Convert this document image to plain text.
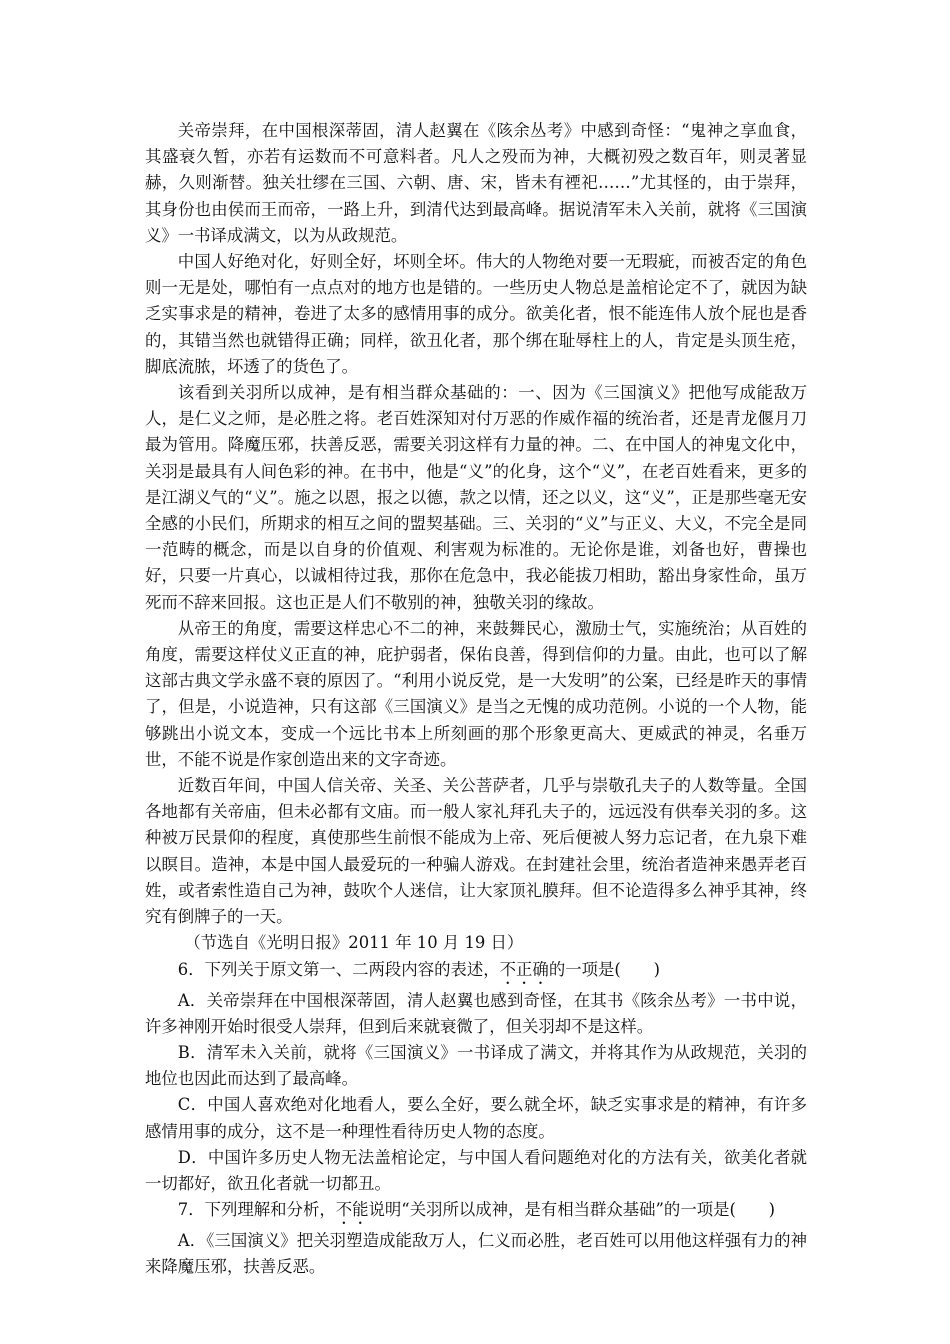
关帝崇拜，在中国根深蒂固，清人赵翼在《陔余丛考》中感到奇怪：“鬼神之享血食，其盛衰久暂，亦若有运数而不可意料者。凡人之殁而为神，大概初殁之数百年，则灵著显赫，久则渐替。独关壮缪在三国、六朝、唐、宋，皆未有禋祀……”尤其怪的，由于崇拜，其身份也由侯而王而帝，一路上升，到清代达到最高峰。据说清军未入关前，就将《三国演义》一书译成满文，以为从政规范。

中国人好绝对化，好则全好，坏则全坏。伟大的人物绝对要一无瑕疵，而被否定的角色则一无是处，哪怕有一点点对的地方也是错的。一些历史人物总是盖棺论定不了，就因为缺乏实事求是的精神，卷进了太多的感情用事的成分。欲美化者，恨不能连伟人放个屁也是香的，其错当然也就错得正确；同样，欲丑化者，那个绑在耻辱柱上的人，肯定是头顶生疮，脚底流脓，坏透了的货色了。

该看到关羽所以成神，是有相当群众基础的：一、因为《三国演义》把他写成能敌万人，是仁义之师，是必胜之将。老百姓深知对付万恶的作威作福的统治者，还是青龙偃月刀最为管用。降魔压邪，扶善反恶，需要关羽这样有力量的神。二、在中国人的神鬼文化中，关羽是最具有人间色彩的神。在书中，他是“义”的化身，这个“义”，在老百姓看来，更多的是江湖义气的“义”。施之以恩，报之以德，款之以情，还之以义，这“义”，正是那些毫无安全感的小民们，所期求的相互之间的盟契基础。三、关羽的“义”与正义、大义，不完全是同一范畴的概念，而是以自身的价值观、利害观为标准的。无论你是谁，刘备也好，曹操也好，只要一片真心，以诚相待过我，那你在危急中，我必能拔刀相助，豁出身家性命，虽万死而不辞来回报。这也正是人们不敬别的神，独敬关羽的缘故。

从帝王的角度，需要这样忠心不二的神，来鼓舞民心，激励士气，实施统治；从百姓的角度，需要这样仗义正直的神，庇护弱者，保佑良善，得到信仰的力量。由此，也可以了解这部古典文学永盛不衰的原因了。“利用小说反党，是一大发明”的公案，已经是昨天的事情了，但是，小说造神，只有这部《三国演义》是当之无愧的成功范例。小说的一个人物，能够跳出小说文本，变成一个远比书本上所刻画的那个形象更高大、更威武的神灵，名垂万世，不能不说是作家创造出来的文字奇迹。

近数百年间，中国人信关帝、关圣、关公菩萨者，几乎与崇敬孔夫子的人数等量。全国各地都有关帝庙，但未必都有文庙。而一般人家礼拜孔夫子的，远远没有供奉关羽的多。这种被万民景仰的程度，真使那些生前恨不能成为上帝、死后便被人努力忘记者，在九泉下难以瞑目。造神，本是中国人最爱玩的一种骗人游戏。在封建社会里，统治者造神来愚弄老百姓，或者索性造自己为神，鼓吹个人迷信，让大家顶礼膜拜。但不论造得多么神乎其神，终究有倒牌子的一天。

（节选自《光明日报》2011 年 10 月 19 日）

6．下列关于原文第一、二两段内容的表述，不正确的一项是(　　)

A．关帝崇拜在中国根深蒂固，清人赵翼也感到奇怪，在其书《陔余丛考》一书中说，许多神刚开始时很受人崇拜，但到后来就衰微了，但关羽却不是这样。

B．清军未入关前，就将《三国演义》一书译成了满文，并将其作为从政规范，关羽的地位也因此而达到了最高峰。

C．中国人喜欢绝对化地看人，要么全好，要么就全坏，缺乏实事求是的精神，有许多感情用事的成分，这不是一种理性看待历史人物的态度。

D．中国许多历史人物无法盖棺论定，与中国人看问题绝对化的方法有关，欲美化者就一切都好，欲丑化者就一切都丑。

7．下列理解和分析，不能说明“关羽所以成神，是有相当群众基础”的一项是(　　)

A．《三国演义》把关羽塑造成能敌万人，仁义而必胜，老百姓可以用他这样强有力的神来降魔压邪，扶善反恶。
